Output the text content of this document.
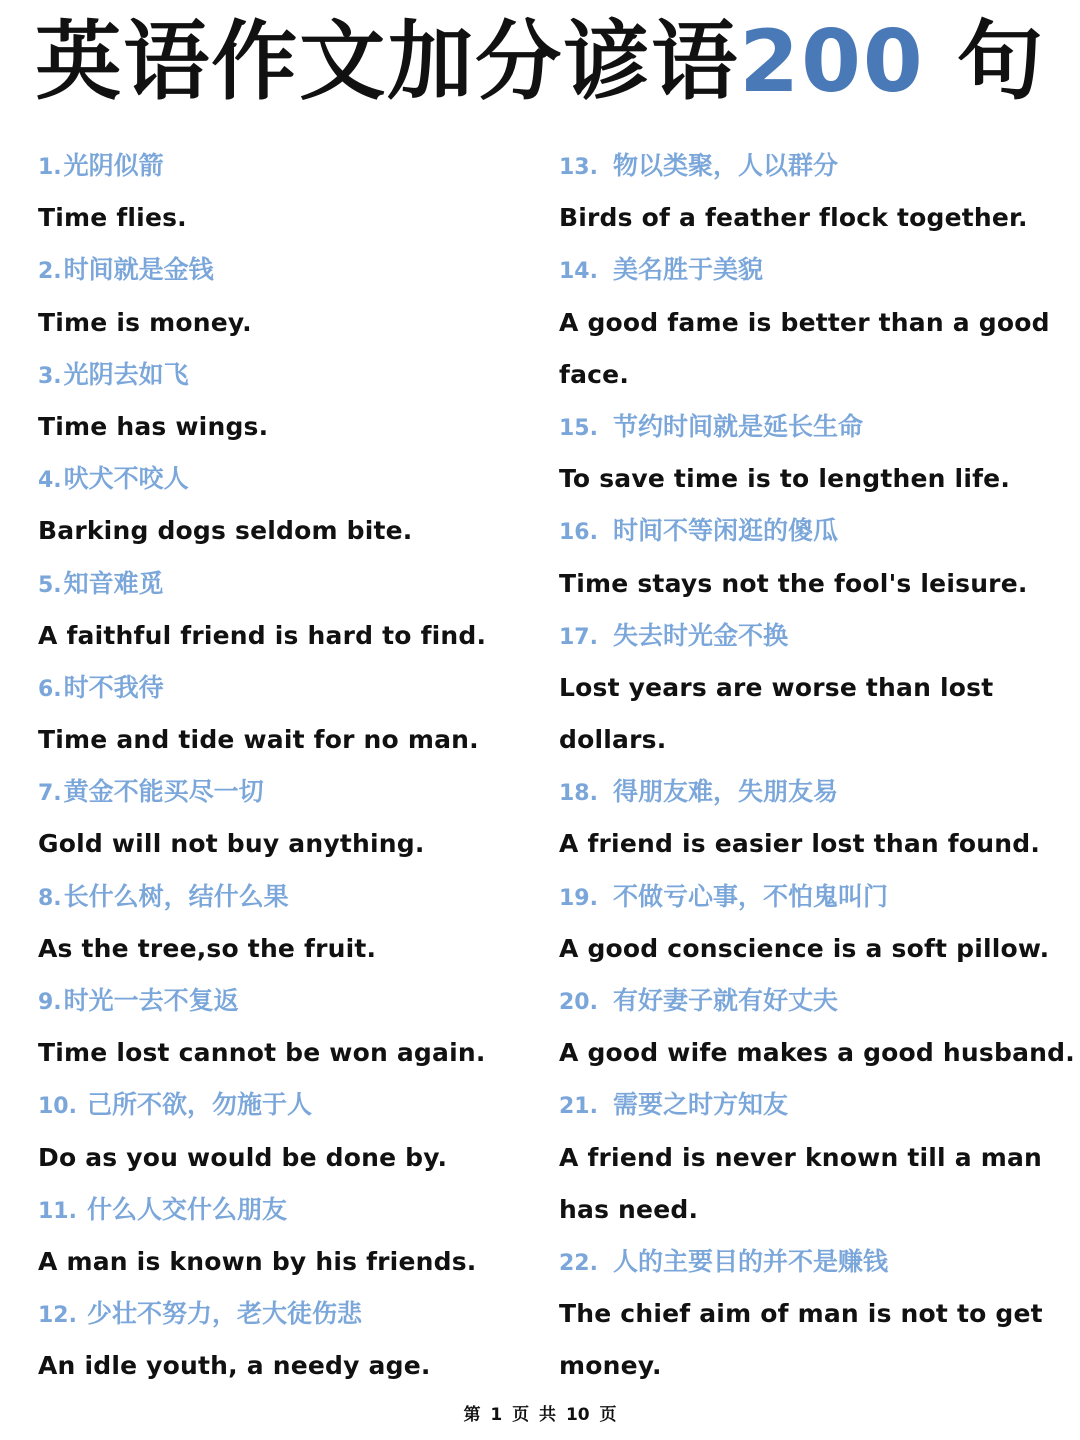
英语作文加分谚语200 句
1.光阴似箭
Time flies.
2.时间就是金钱
Time is money.
3.光阴去如飞
Time has wings.
4.吠犬不咬人
Barking dogs seldom bite.
5.知音难觅
A faithful friend is hard to find.
6.时不我待
Time and tide wait for no man.
7.黄金不能买尽一切
Gold will not buy anything.
8.长什么树，结什么果
As the tree,so the fruit.
9.时光一去不复返
Time lost cannot be won again.
10. 己所不欲，勿施于人
Do as you would be done by.
11. 什么人交什么朋友
A man is known by his friends.
12. 少壮不努力，老大徒伤悲
An idle youth, a needy age.
13. 物以类聚，人以群分
Birds of a feather flock together.
14. 美名胜于美貌
A good fame is better than a good
face.
15. 节约时间就是延长生命
To save time is to lengthen life.
16. 时间不等闲逛的傻瓜
Time stays not the fool's leisure.
17. 失去时光金不换
Lost years are worse than lost
dollars.
18. 得朋友难，失朋友易
A friend is easier lost than found.
19. 不做亏心事，不怕鬼叫门
A good conscience is a soft pillow.
20. 有好妻子就有好丈夫
A good wife makes a good husband.
21. 需要之时方知友
A friend is never known till a man
has need.
22. 人的主要目的并不是赚钱
The chief aim of man is not to get
money.
第 1 页 共 10 页
